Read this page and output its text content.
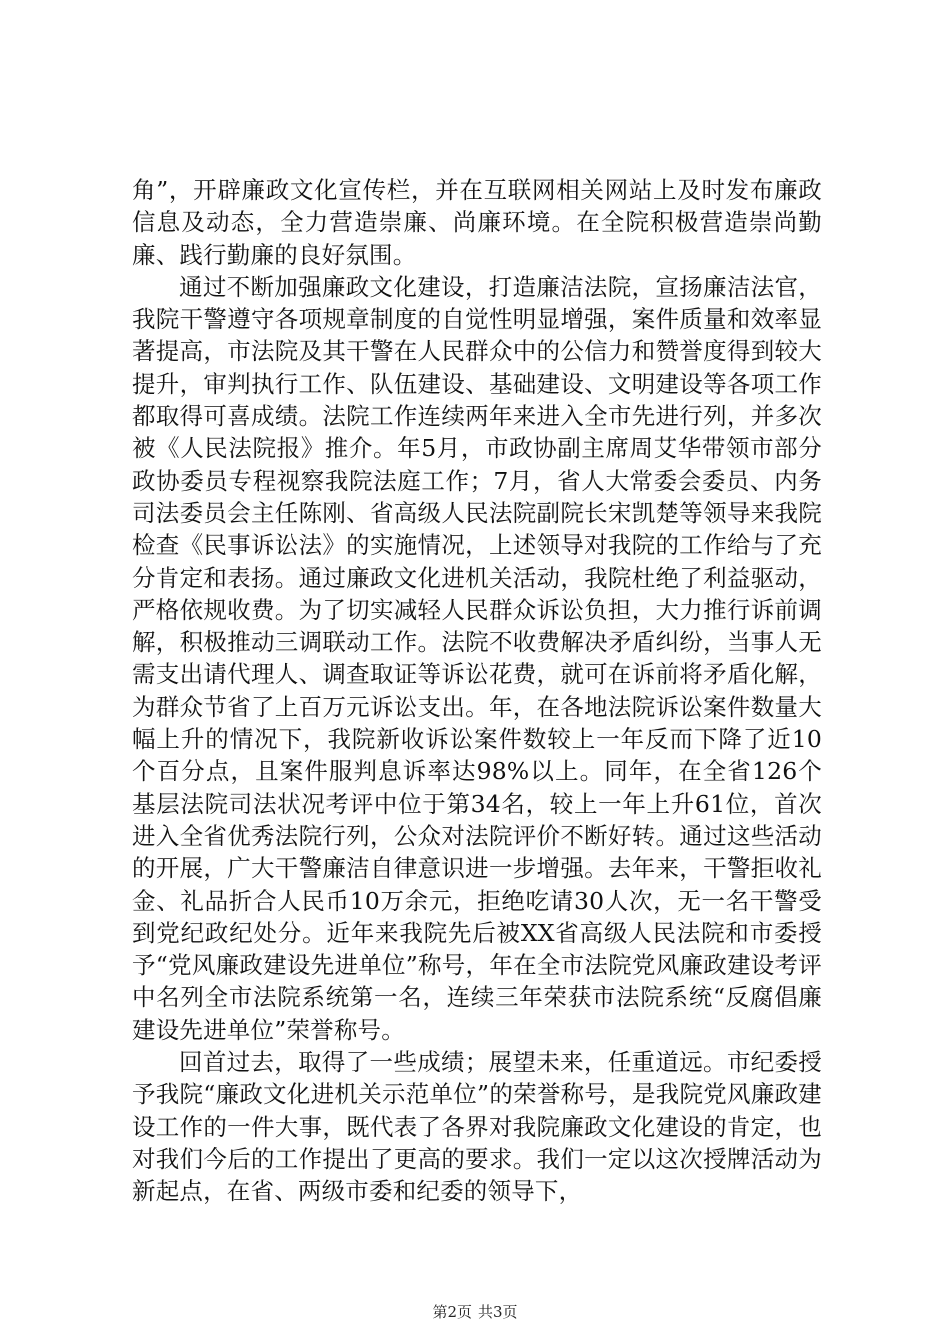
角”，开辟廉政文化宣传栏，并在互联网相关网站上及时发布廉政信息及动态，全力营造崇廉、尚廉环境。在全院积极营造崇尚勤廉、践行勤廉的良好氛围。

通过不断加强廉政文化建设，打造廉洁法院，宣扬廉洁法官，我院干警遵守各项规章制度的自觉性明显增强，案件质量和效率显著提高，市法院及其干警在人民群众中的公信力和赞誉度得到较大提升，审判执行工作、队伍建设、基础建设、文明建设等各项工作都取得可喜成绩。法院工作连续两年来进入全市先进行列，并多次被《人民法院报》推介。年5月，市政协副主席周艾华带领市部分政协委员专程视察我院法庭工作；7月，省人大常委会委员、内务司法委员会主任陈刚、省高级人民法院副院长宋凯楚等领导来我院检查《民事诉讼法》的实施情况，上述领导对我院的工作给与了充分肯定和表扬。通过廉政文化进机关活动，我院杜绝了利益驱动，严格依规收费。为了切实减轻人民群众诉讼负担，大力推行诉前调解，积极推动三调联动工作。法院不收费解决矛盾纠纷，当事人无需支出请代理人、调查取证等诉讼花费，就可在诉前将矛盾化解，为群众节省了上百万元诉讼支出。年，在各地法院诉讼案件数量大幅上升的情况下，我院新收诉讼案件数较上一年反而下降了近10个百分点，且案件服判息诉率达98%以上。同年，在全省126个基层法院司法状况考评中位于第34名，较上一年上升61位，首次进入全省优秀法院行列，公众对法院评价不断好转。通过这些活动的开展，广大干警廉洁自律意识进一步增强。去年来，干警拒收礼金、礼品折合人民币10万余元，拒绝吃请30人次，无一名干警受到党纪政纪处分。近年来我院先后被XX省高级人民法院和市委授予“党风廉政建设先进单位”称号，年在全市法院党风廉政建设考评中名列全市法院系统第一名，连续三年荣获市法院系统“反腐倡廉建设先进单位”荣誉称号。

回首过去，取得了一些成绩；展望未来，任重道远。市纪委授予我院“廉政文化进机关示范单位”的荣誉称号，是我院党风廉政建设工作的一件大事，既代表了各界对我院廉政文化建设的肯定，也对我们今后的工作提出了更高的要求。我们一定以这次授牌活动为新起点，在省、两级市委和纪委的领导下，

第2页 共3页
